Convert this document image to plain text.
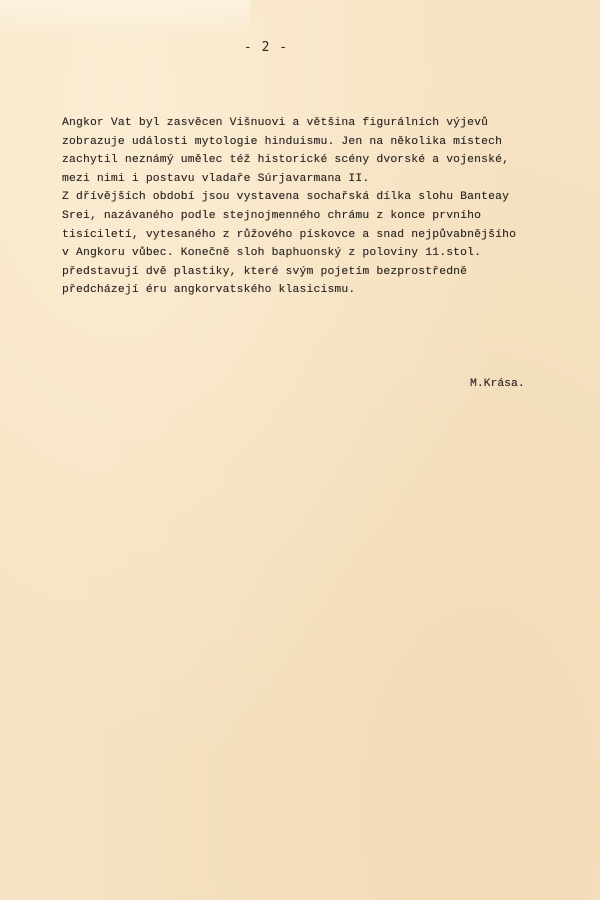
- 2 -
Angkor Vat byl zasvěcen Višnuovi a většina figurálních výjevů
zobrazuje události mytologie hinduismu. Jen na několika místech
zachytil neznámý umělec též historické scény dvorské a vojenské,
mezi nimi i postavu vladaře Súrjavarmana II.
Z dřívějších období jsou vystavena sochařská dílka slohu Banteay
Srei, nazávaného podle stejnojmenného chrámu z konce prvního
tisíciletí, vytesaného z růžového pískovce a snad nejpůvabnějšího
v Angkoru vůbec. Konečně sloh baphuonský z poloviny 11.stol.
představují dvě plastiky, které svým pojetím bezprostředně
předcházejí éru angkorvatského klasicismu.
M.Krása.
